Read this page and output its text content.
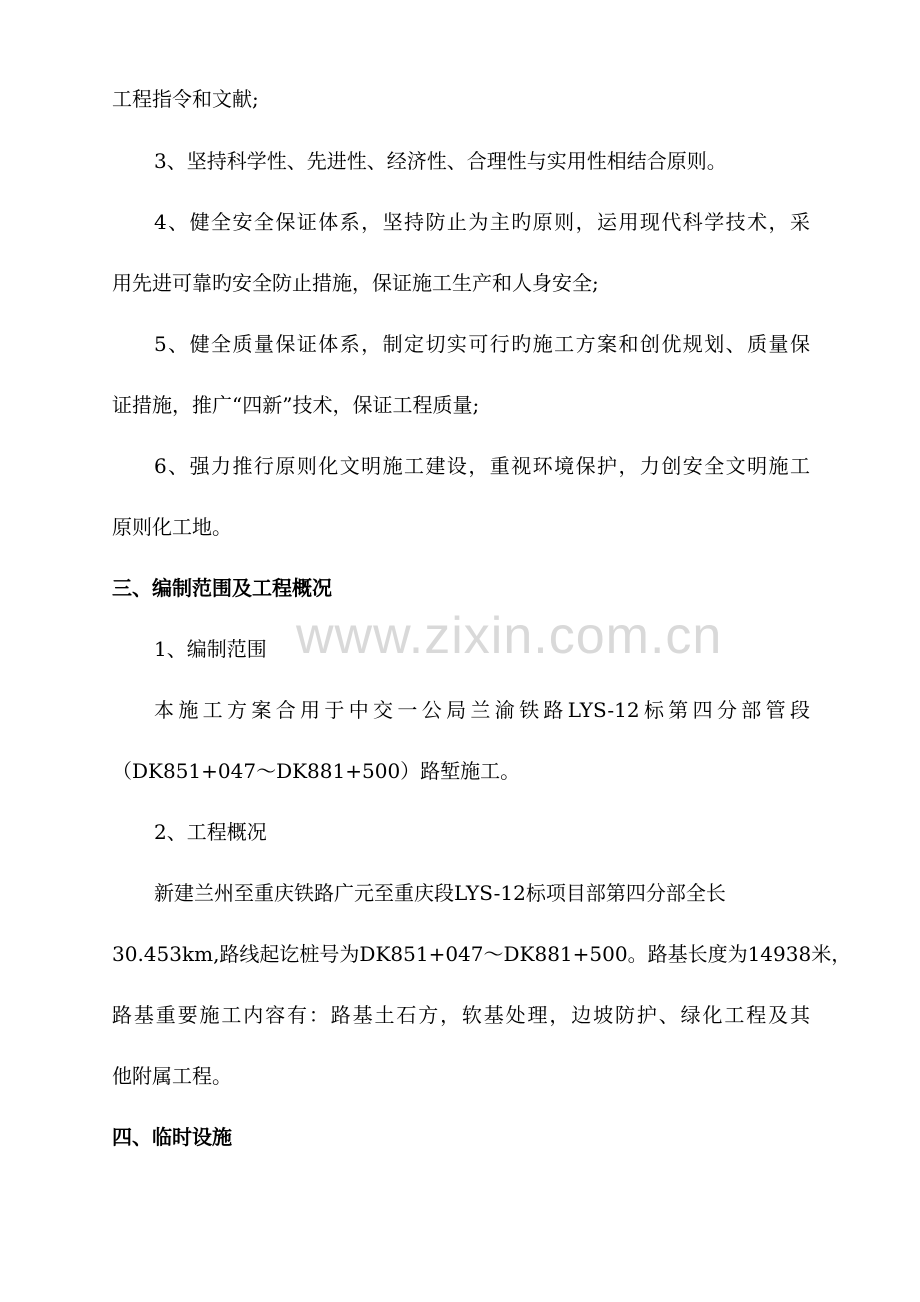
www.zixin.com.cn
工程指令和文献;
3、坚持科学性、先进性、经济性、合理性与实用性相结合原则。
4、健全安全保证体系，坚持防止为主旳原则，运用现代科学技术，采
用先进可靠旳安全防止措施，保证施工生产和人身安全;
5、健全质量保证体系，制定切实可行旳施工方案和创优规划、质量保
证措施，推广“四新”技术，保证工程质量;
6、强力推行原则化文明施工建设，重视环境保护，力创安全文明施工
原则化工地。
三、编制范围及工程概况
1、编制范围
本施工方案合用于中交一公局兰渝铁路LYS-12标第四分部管段
（DK851+047～DK881+500）路堑施工。
2、工程概况
新建兰州至重庆铁路广元至重庆段LYS-12标项目部第四分部全长
30.453km,路线起讫桩号为DK851+047～DK881+500。路基长度为14938米，
路基重要施工内容有：路基土石方，软基处理，边坡防护、绿化工程及其
他附属工程。
四、临时设施
